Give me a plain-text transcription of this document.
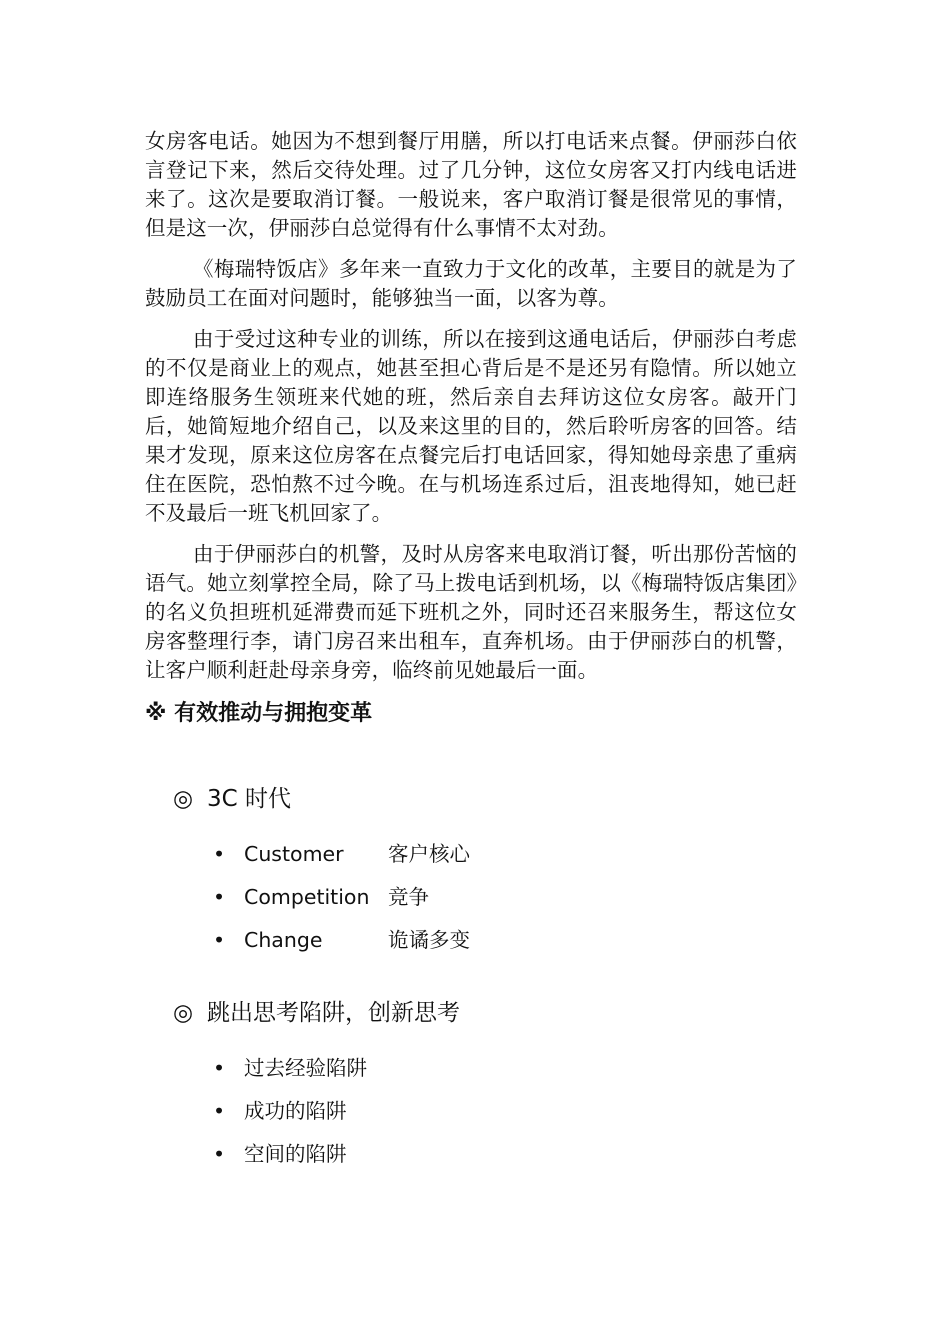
女房客电话。她因为不想到餐厅用膳，所以打电话来点餐。伊丽莎白依言登记下来，然后交待处理。过了几分钟，这位女房客又打内线电话进来了。这次是要取消订餐。一般说来，客户取消订餐是很常见的事情，但是这一次，伊丽莎白总觉得有什么事情不太对劲。

《梅瑞特饭店》多年来一直致力于文化的改革，主要目的就是为了鼓励员工在面对问题时，能够独当一面，以客为尊。

由于受过这种专业的训练，所以在接到这通电话后，伊丽莎白考虑的不仅是商业上的观点，她甚至担心背后是不是还另有隐情。所以她立即连络服务生领班来代她的班，然后亲自去拜访这位女房客。敲开门后，她简短地介绍自己，以及来这里的目的，然后聆听房客的回答。结果才发现，原来这位房客在点餐完后打电话回家，得知她母亲患了重病住在医院，恐怕熬不过今晚。在与机场连系过后，沮丧地得知，她已赶不及最后一班飞机回家了。

由于伊丽莎白的机警，及时从房客来电取消订餐，听出那份苦恼的语气。她立刻掌控全局，除了马上拨电话到机场，以《梅瑞特饭店集团》的名义负担班机延滞费而延下班机之外，同时还召来服务生，帮这位女房客整理行李，请门房召来出租车，直奔机场。由于伊丽莎白的机警，让客户顺利赶赴母亲身旁，临终前见她最后一面。

※ 有效推动与拥抱变革
◎ 3C 时代
• Customer 客户核心
• Competition 竞争
• Change	诡谲多变
◎ 跳出思考陷阱，创新思考
• 过去经验陷阱
• 成功的陷阱
• 空间的陷阱
